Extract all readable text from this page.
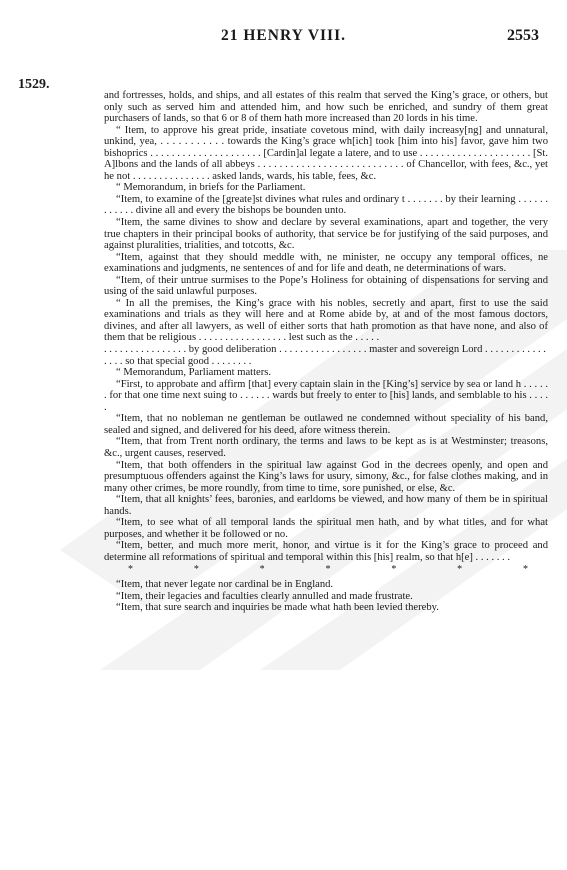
21 HENRY VIII.	2553
1529.

and fortresses, holds, and ships, and all estates of this realm that served the King’s grace, or others, but only such as served him and attended him, and how such be enriched, and sundry of them great purchasers of lands, so that 6 or 8 of them hath more increased than 20 lords in his time.

“ Item, to approve his great pride, insatiate covetous mind, with daily increasy[ng] and unnatural, unkind, yea, . . . . . . . . . . . towards the King’s grace wh[ich] took [him into his] favor, gave him two bishoprics . . . . . . . . . . . . . . . . . . . . . [Cardin]al legate a latere, and to use . . . . . . . . . . . . . . . . . . . . . [St. A]lbons and the lands of all abbeys . . . . . . . . . . . . . . . . . . . . . . . . . . . of Chancellor, with fees, &c., yet he not . . . . . . . . . . . . . . . asked lands, wards, his table, fees, &c.

“ Memorandum, in briefs for the Parliament.

“Item, to examine of the [greate]st divines what rules and ordinary t . . . . . . . by their learning . . . . . . . . . . . . divine all and every the bishops be bounden unto.

“Item, the same divines to show and declare by several examinations, apart and together, the very true chapters in their principal books of authority, that service be for justifying of the said purposes, and against pluralities, trialities, and totcotts, &c.

“Item, against that they should meddle with, ne minister, ne occupy any temporal offices, ne examinations and judgments, ne sentences of and for life and death, ne determinations of wars.

“Item, of their untrue surmises to the Pope’s Holiness for obtaining of dispensations for serving and using of the said unlawful purposes.

“ In all the premises, the King’s grace with his nobles, secretly and apart, first to use the said examinations and trials as they will here and at Rome abide by, at and of the most famous doctors, divines, and after all lawyers, as well of either sorts that hath promotion as that have none, and also of them that be religious . . . . . . . . . . . . . . . . . lest such as the . . . . .

. . . . . . . . . . . . . . . . by good deliberation . . . . . . . . . . . . . . . . . master and sovereign Lord . . . . . . . . . . . . . . . . so that special good . . . . . . . .

“ Memorandum, Parliament matters.

“First, to approbate and affirm [that] every captain slain in the [King’s] service by sea or land h . . . . . . for that one time next suing to . . . . . . wards but freely to enter to [his] lands, and semblable to his . . . . .

“Item, that no nobleman ne gentleman be outlawed ne condemned without speciality of his band, sealed and signed, and delivered for his deed, afore witness therein.

“Item, that from Trent north ordinary, the terms and laws to be kept as is at Westminster; treasons, &c., urgent causes, reserved.

“Item, that both offenders in the spiritual law against God in the decrees openly, and open and presumptuous offenders against the King’s laws for usury, simony, &c., for false clothes making, and in many other crimes, be more roundly, from time to time, sore punished, or else, &c.

“Item, that all knights’ fees, baronies, and earldoms be viewed, and how many of them be in spiritual hands.

“Item, to see what of all temporal lands the spiritual men hath, and by what titles, and for what purposes, and whether it be followed or no.

“Item, better, and much more merit, honor, and virtue is it for the King’s grace to proceed and determine all reformations of spiritual and temporal within this [his] realm, so that h[e] . . . . . . .

*	*	*	*	*	*	*

“Item, that never legate nor cardinal be in England.

“Item, their legacies and faculties clearly annulled and made frustrate.

“Item, that sure search and inquiries be made what hath been levied thereby.
